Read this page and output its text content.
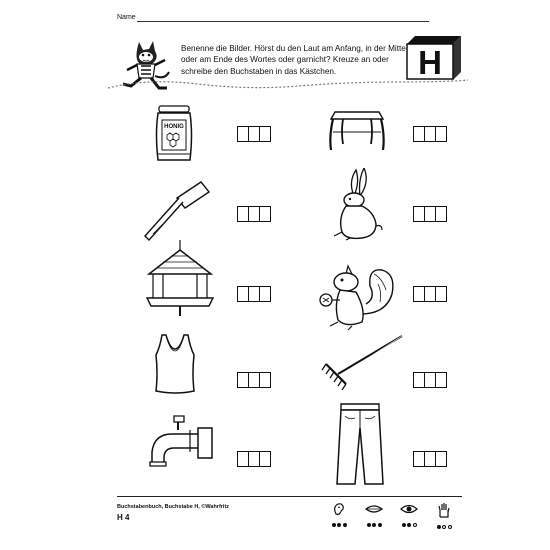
Name
Benenne die Bilder. Hörst du den Laut am Anfang, in der Mitte oder am Ende des Wortes oder garnicht? Kreuze an oder schreibe den Buchstaben in das Kästchen.	H
HONIG
Buchstabenbuch, Buchstabe H, ©Wahrfritz
H 4
